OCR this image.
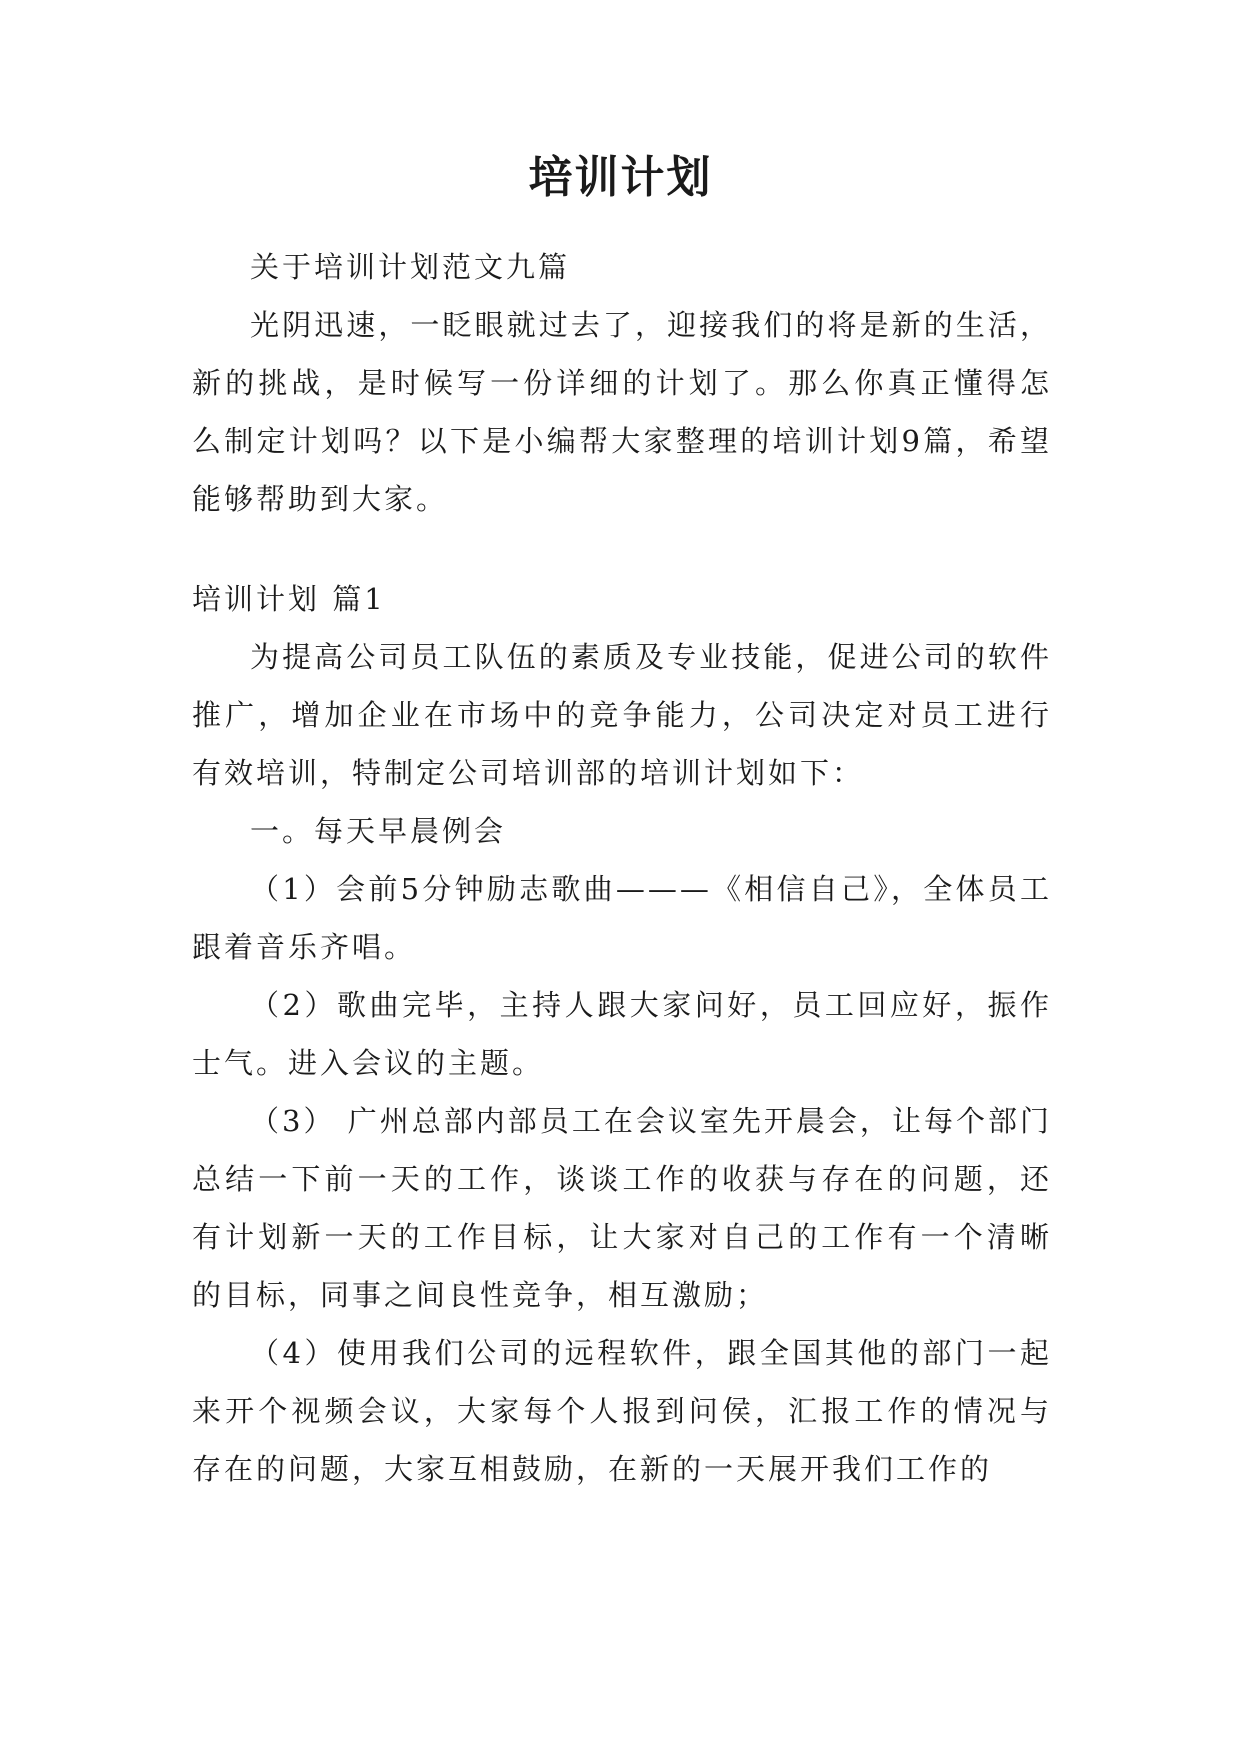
培训计划

关于培训计划范文九篇

光阴迅速，一眨眼就过去了，迎接我们的将是新的生活，新的挑战，是时候写一份详细的计划了。那么你真正懂得怎么制定计划吗？以下是小编帮大家整理的培训计划9篇，希望能够帮助到大家。

培训计划 篇1

为提高公司员工队伍的素质及专业技能，促进公司的软件推广，增加企业在市场中的竞争能力，公司决定对员工进行有效培训，特制定公司培训部的培训计划如下：

一。每天早晨例会

（1）会前5分钟励志歌曲———《相信自己》，全体员工跟着音乐齐唱。

（2）歌曲完毕，主持人跟大家问好，员工回应好，振作士气。进入会议的主题。

（3） 广州总部内部员工在会议室先开晨会，让每个部门总结一下前一天的工作，谈谈工作的收获与存在的问题，还有计划新一天的工作目标，让大家对自己的工作有一个清晰的目标，同事之间良性竞争，相互激励；

（4）使用我们公司的远程软件，跟全国其他的部门一起来开个视频会议，大家每个人报到问侯，汇报工作的情况与存在的问题，大家互相鼓励，在新的一天展开我们工作的
